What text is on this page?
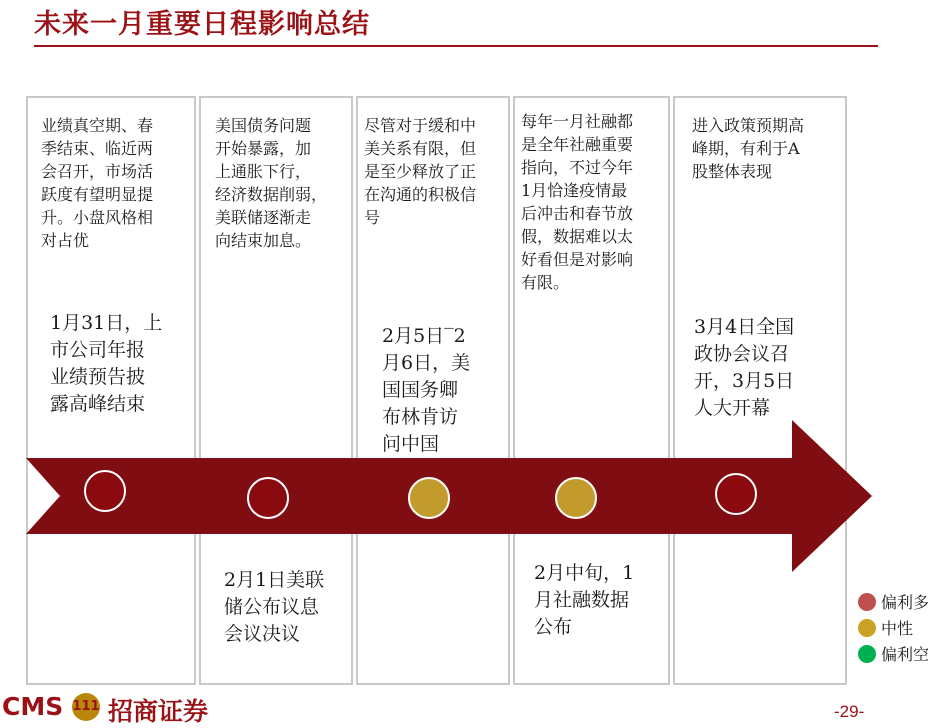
未来一月重要日程影响总结
业绩真空期、春
季结束、临近两
会召开，市场活
跃度有望明显提
升。小盘风格相
对占优
美国债务问题
开始暴露，加
上通胀下行，
经济数据削弱，
美联储逐渐走
向结束加息。
尽管对于缓和中
美关系有限，但
是至少释放了正
在沟通的积极信
号
每年一月社融都
是全年社融重要
指向，不过今年
1月恰逢疫情最
后冲击和春节放
假，数据难以太
好看但是对影响
有限。
进入政策预期高
峰期，有利于A
股整体表现
1月31日，上
市公司年报
业绩预告披
露高峰结束
2月5日‾2
月6日，美
国国务卿
布林肯访
问中国
3月4日全国
政协会议召
开，3月5日
人大开幕
2月1日美联
储公布议息
会议决议
2月中旬，1
月社融数据
公布
偏利多
中性
偏利空
CMS 111 招商证券	-29-
